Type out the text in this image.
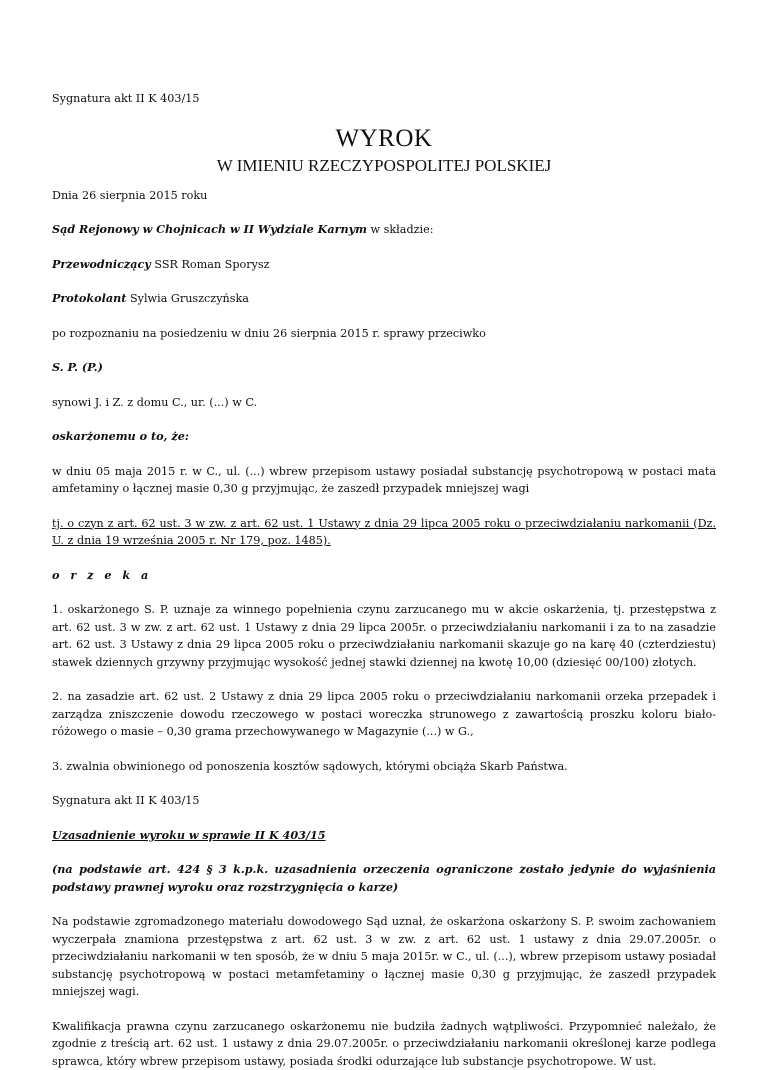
Sygnatura akt II K 403/15

WYROK
W IMIENIU RZECZYPOSPOLITEJ POLSKIEJ

Dnia 26 sierpnia 2015 roku

Sąd Rejonowy w Chojnicach w II Wydziale Karnym w składzie:

Przewodniczący SSR Roman Sporysz

Protokolant Sylwia Gruszczyńska

po rozpoznaniu na posiedzeniu w dniu 26 sierpnia 2015 r. sprawy przeciwko

S. P. (P.)

synowi J. i Z. z domu C., ur. (...) w C.

oskarżonemu o to, że:

w dniu 05 maja 2015 r. w C., ul. (...) wbrew przepisom ustawy posiadał substancję psychotropową w postaci mata amfetaminy o łącznej masie 0,30 g przyjmując, że zaszedł przypadek mniejszej wagi

tj. o czyn z art. 62 ust. 3 w zw. z art. 62 ust. 1 Ustawy z dnia 29 lipca 2005 roku o przeciwdziałaniu narkomanii (Dz. U. z dnia 19 września 2005 r. Nr 179, poz. 1485).

o r z e k a

1. oskarżonego S. P. uznaje za winnego popełnienia czynu zarzucanego mu w akcie oskarżenia, tj. przestępstwa z art. 62 ust. 3 w zw. z art. 62 ust. 1 Ustawy z dnia 29 lipca 2005r. o przeciwdziałaniu narkomanii i za to na zasadzie art. 62 ust. 3 Ustawy z dnia 29 lipca 2005 roku o przeciwdziałaniu narkomanii skazuje go na karę 40 (czterdziestu) stawek dziennych grzywny przyjmując wysokość jednej stawki dziennej na kwotę 10,00 (dziesięć 00/100) złotych.

2. na zasadzie art. 62 ust. 2 Ustawy z dnia 29 lipca 2005 roku o przeciwdziałaniu narkomanii orzeka przepadek i zarządza zniszczenie dowodu rzeczowego w postaci woreczka strunowego z zawartością proszku koloru biało-różowego o masie – 0,30 grama przechowywanego w Magazynie (...) w G.,

3. zwalnia obwinionego od ponoszenia kosztów sądowych, którymi obciąża Skarb Państwa.

Sygnatura akt II K 403/15

Uzasadnienie wyroku w sprawie II K 403/15

(na podstawie art. 424 § 3 k.p.k. uzasadnienia orzeczenia ograniczone zostało jedynie do wyjaśnienia podstawy prawnej wyroku oraz rozstrzygnięcia o karze)

Na podstawie zgromadzonego materiału dowodowego Sąd uznał, że oskarżona oskarżony S. P. swoim zachowaniem wyczerpała znamiona przestępstwa z art. 62 ust. 3 w zw. z art. 62 ust. 1 ustawy z dnia 29.07.2005r. o przeciwdziałaniu narkomanii w ten sposób, że w dniu 5 maja 2015r. w C., ul. (...), wbrew przepisom ustawy posiadał substancję psychotropową w postaci metamfetaminy o łącznej masie 0,30 g przyjmując, że zaszedł przypadek mniejszej wagi.

Kwalifikacja prawna czynu zarzucanego oskarżonemu nie budziła żadnych wątpliwości. Przypomnieć należało, że zgodnie z treścią art. 62 ust. 1 ustawy z dnia 29.07.2005r. o przeciwdziałaniu narkomanii określonej karze podlega sprawca, który wbrew przepisom ustawy, posiada środki odurzające lub substancje psychotropowe. W ust.
